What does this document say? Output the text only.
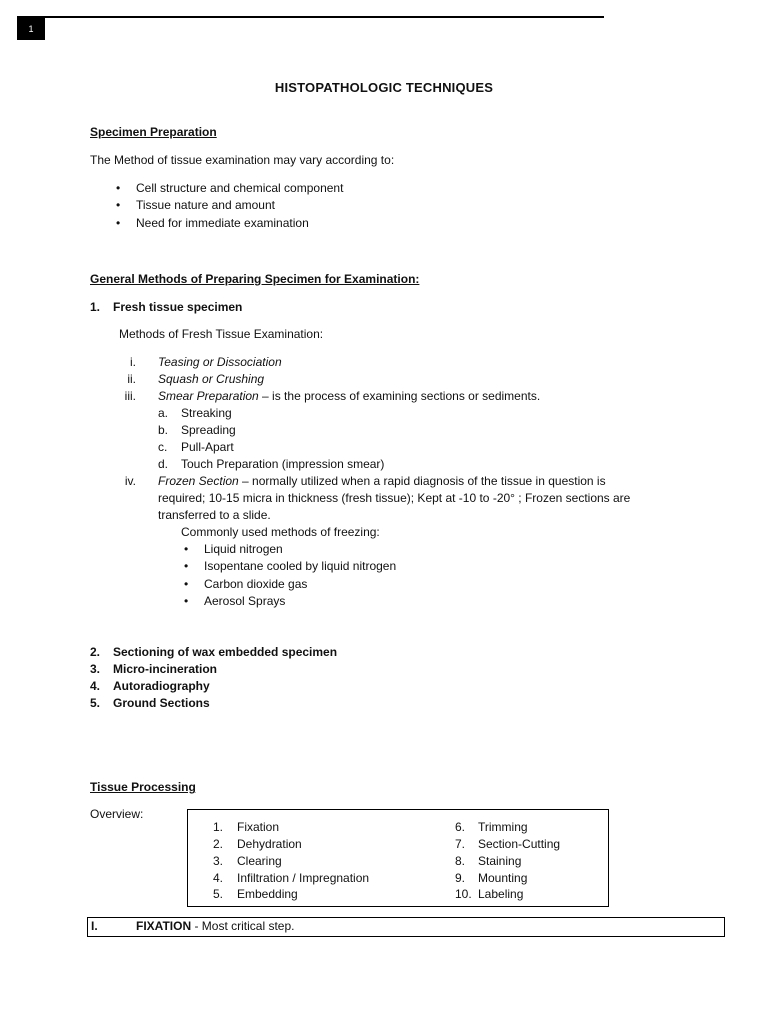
1
HISTOPATHOLOGIC TECHNIQUES
Specimen Preparation
The Method of tissue examination may vary according to:
• Cell structure and chemical component
• Tissue nature and amount
• Need for immediate examination
General Methods of Preparing Specimen for Examination:
1. Fresh tissue specimen
Methods of Fresh Tissue Examination:
i. Teasing or Dissociation
ii. Squash or Crushing
iii. Smear Preparation – is the process of examining sections or sediments.
a. Streaking
b. Spreading
c. Pull-Apart
d. Touch Preparation (impression smear)
iv. Frozen Section – normally utilized when a rapid diagnosis of the tissue in question is
required; 10-15 micra in thickness (fresh tissue); Kept at -10 to -20° ; Frozen sections are
transferred to a slide.
Commonly used methods of freezing:
• Liquid nitrogen
• Isopentane cooled by liquid nitrogen
• Carbon dioxide gas
• Aerosol Sprays
2. Sectioning of wax embedded specimen
3. Micro-incineration
4. Autoradiography
5. Ground Sections
Tissue Processing
Overview:
1. Fixation
2. Dehydration
3. Clearing
4. Infiltration / Impregnation
5. Embedding
6. Trimming
7. Section-Cutting
8. Staining
9. Mounting
10. Labeling
I.	FIXATION - Most critical step.
